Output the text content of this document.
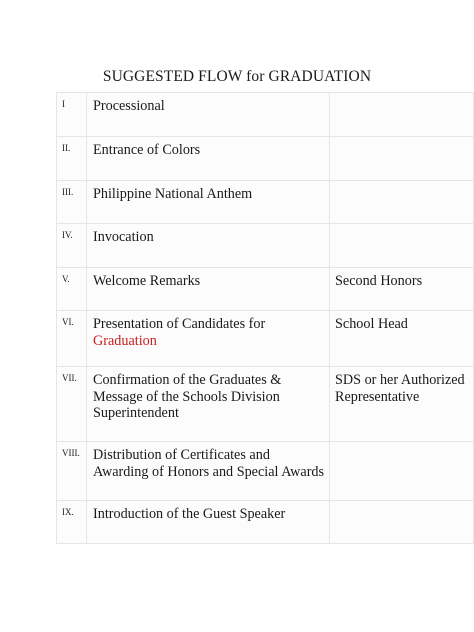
SUGGESTED FLOW for GRADUATION
I	Processional	

II.	Entrance of Colors	

III.	Philippine National Anthem	

IV.	Invocation	

V.	Welcome Remarks	Second Honors

VI.	Presentation of Candidates for
Graduation	School Head

VII.	Confirmation of the Graduates &
Message of the Schools Division
Superintendent	SDS or her Authorized
Representative

VIII.	Distribution of Certificates and
Awarding of Honors and Special Awards	

IX.	Introduction of the Guest Speaker	
